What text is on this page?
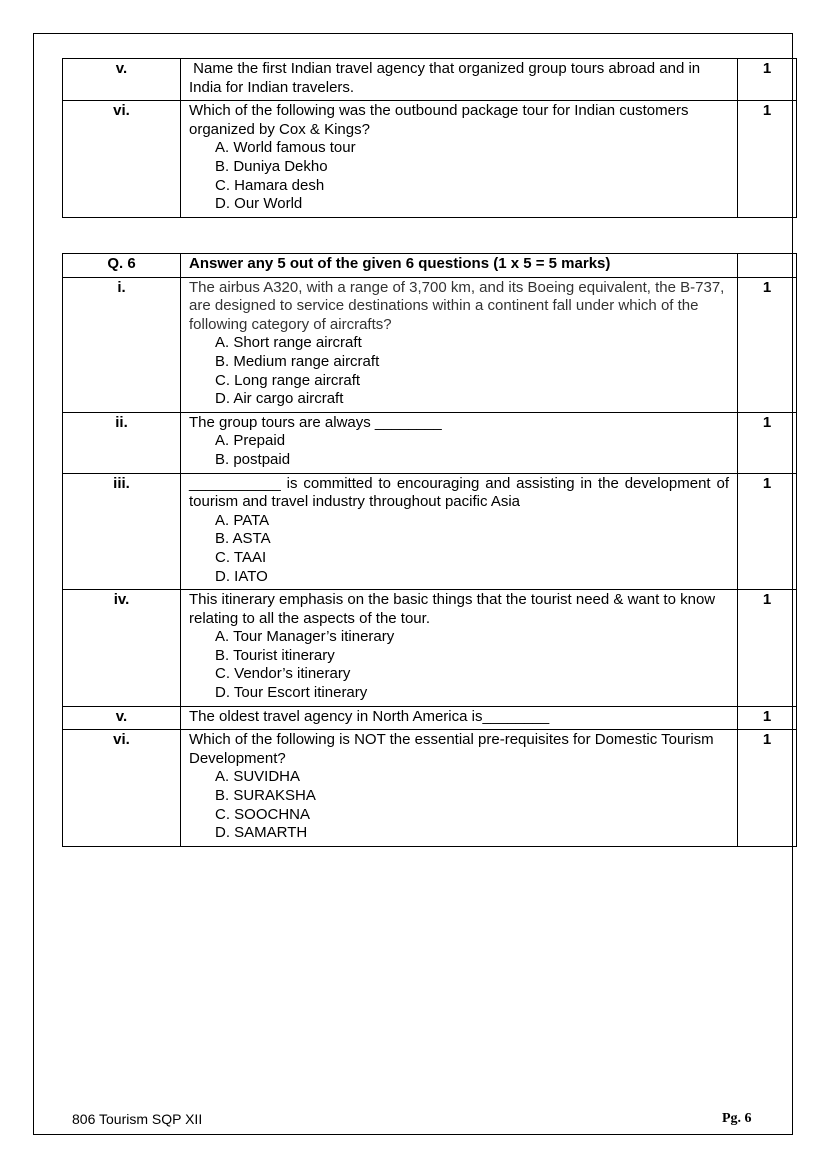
v.	Name the first Indian travel agency that organized group tours abroad and in India for Indian travelers.	1
vi.	Which of the following was the outbound package tour for Indian customers organized by Cox & Kings?
A. World famous tour
B. Duniya Dekho
C. Hamara desh
D. Our World	1
Q. 6	Answer any 5 out of the given 6 questions (1 x 5 = 5 marks)	
i.	The airbus A320, with a range of 3,700 km, and its Boeing equivalent, the B-737, are designed to service destinations within a continent fall under which of the following category of aircrafts?
A. Short range aircraft
B. Medium range aircraft
C. Long range aircraft
D. Air cargo aircraft	1
ii.	The group tours are always ________
A. Prepaid
B. postpaid	1
iii.	___________ is committed to encouraging and assisting in the development of tourism and travel industry throughout pacific Asia
A. PATA
B. ASTA
C. TAAI
D. IATO	1
iv.	This itinerary emphasis on the basic things that the tourist need & want to know relating to all the aspects of the tour.
A. Tour Manager’s itinerary
B. Tourist itinerary
C. Vendor’s itinerary
D. Tour Escort itinerary	1
v.	The oldest travel agency in North America is________	1
vi.	Which of the following is NOT the essential pre-requisites for Domestic Tourism Development?
A. SUVIDHA
B. SURAKSHA
C. SOOCHNA
D. SAMARTH	1
806 Tourism SQP XII	Pg. 6
